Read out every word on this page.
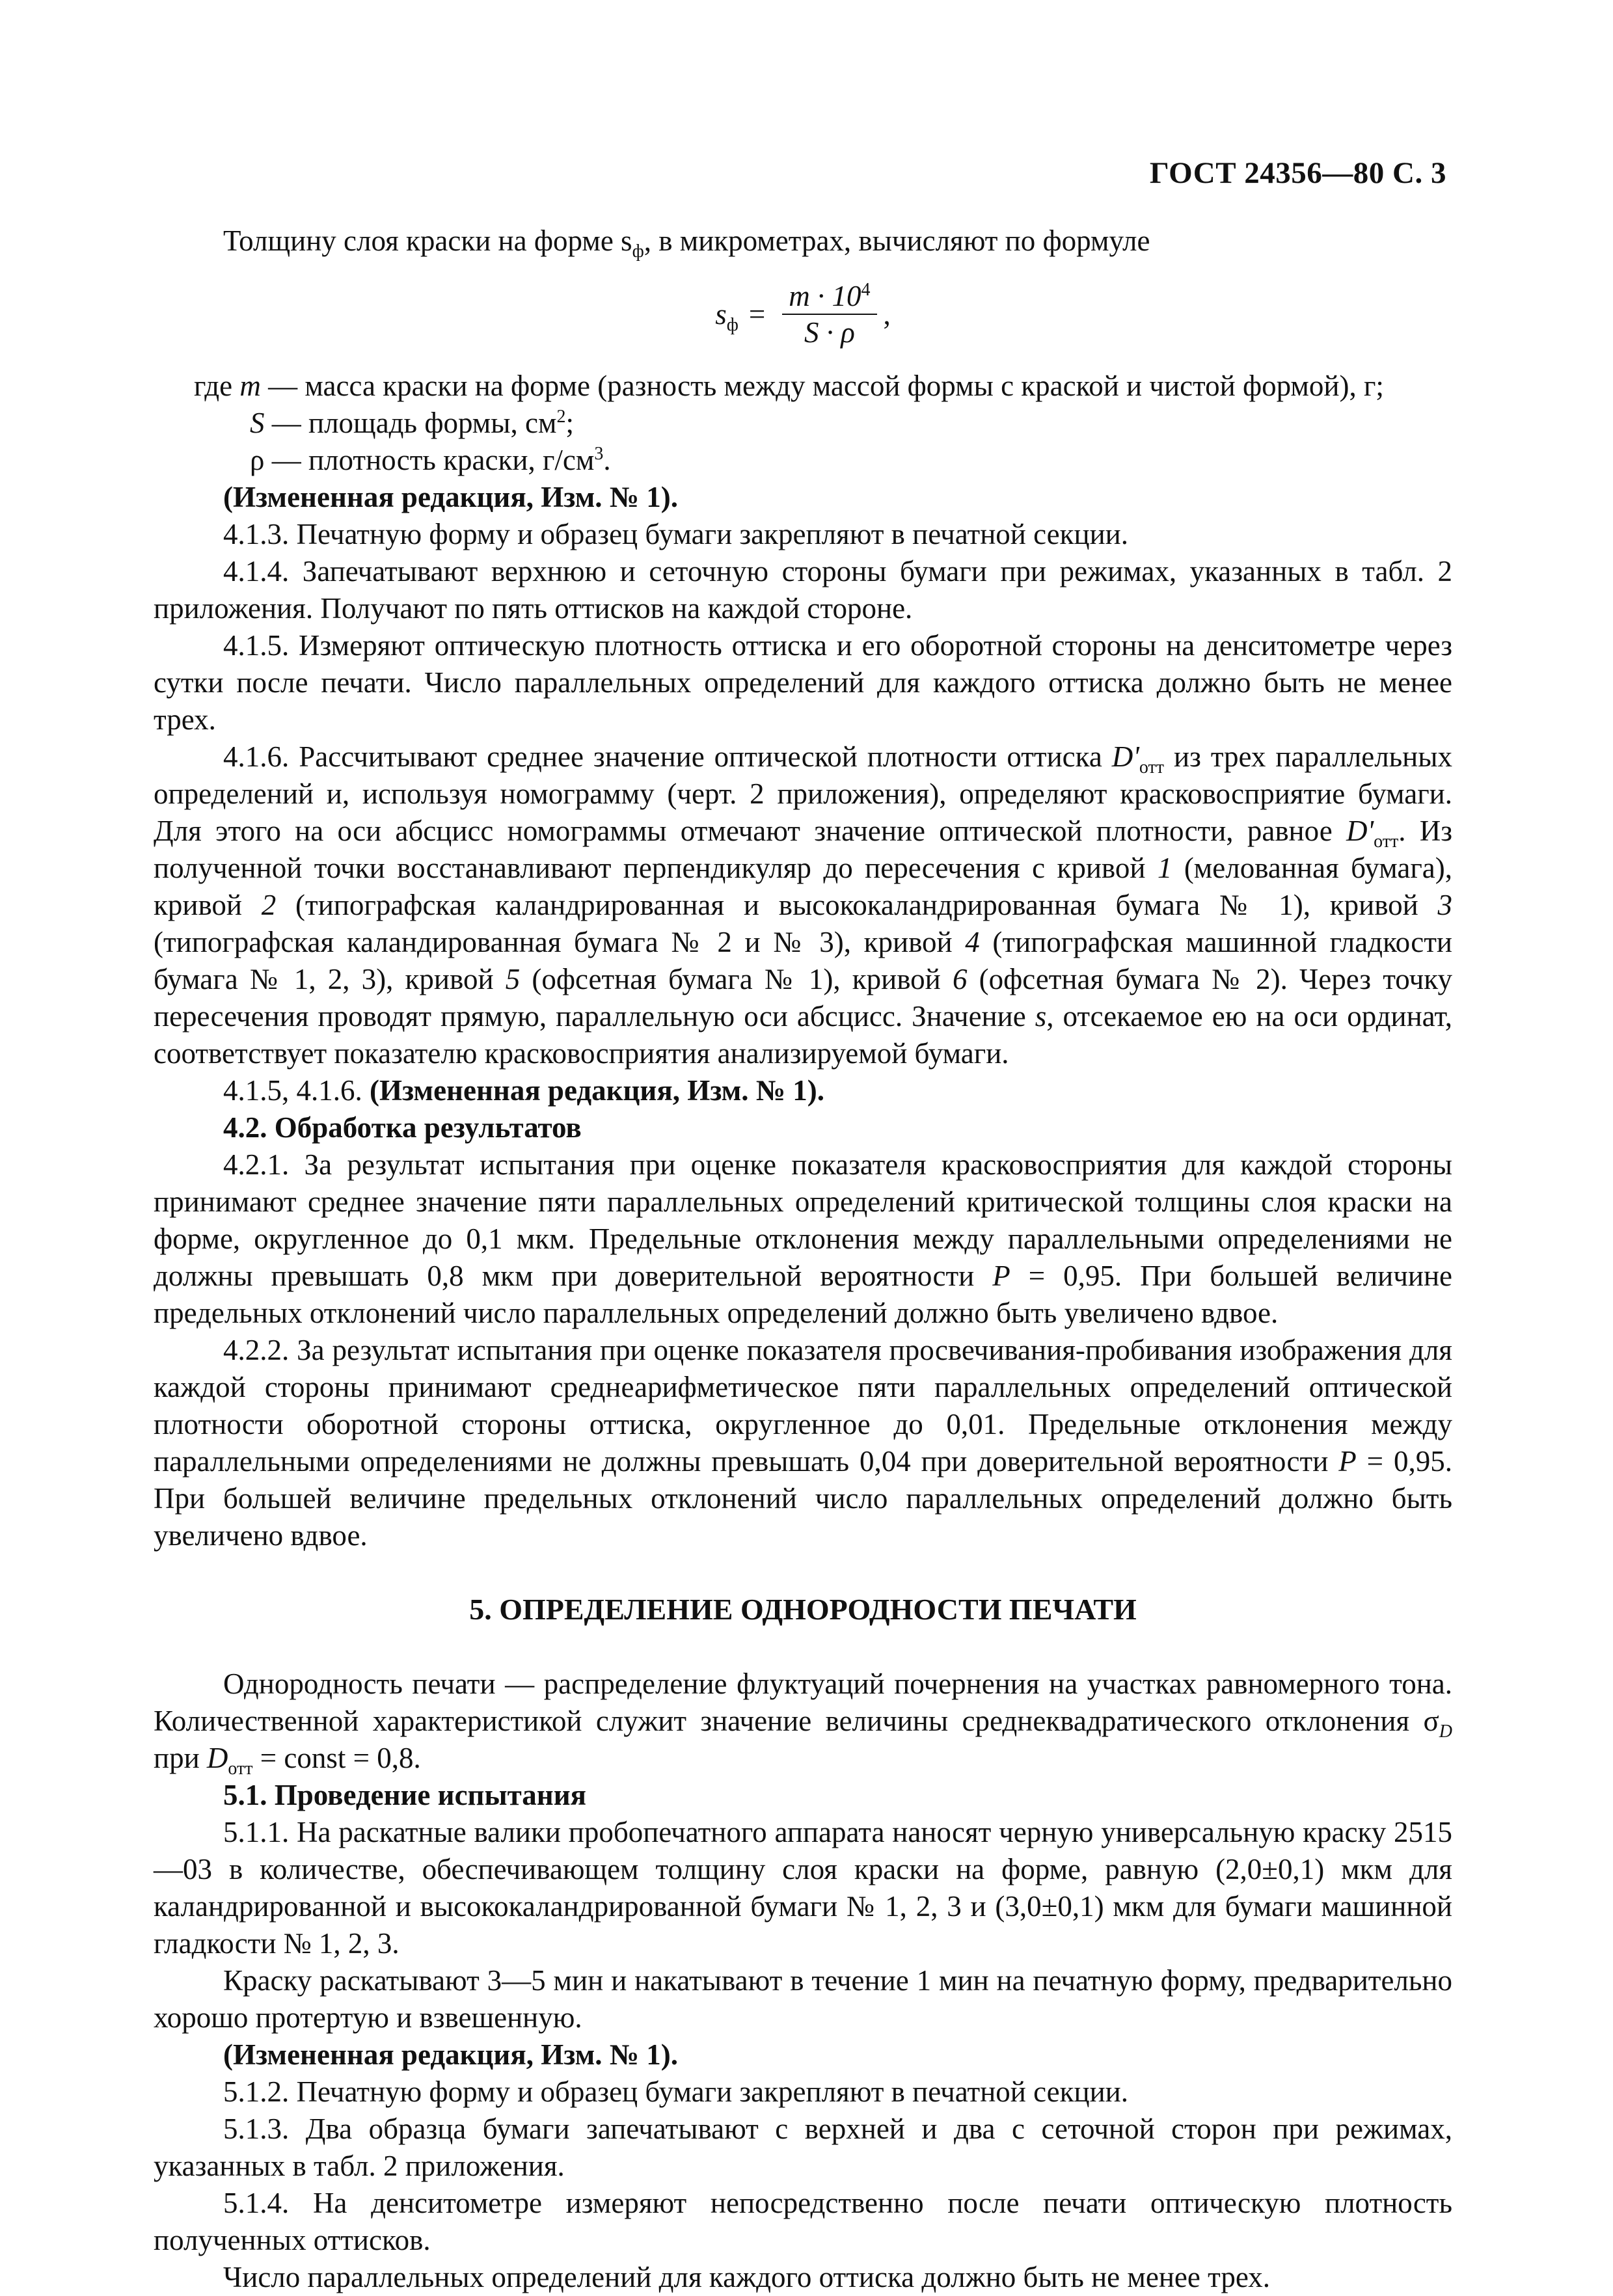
ГОСТ 24356—80 С. 3

Толщину слоя краски на форме $s_ф$, в микрометрах, вычисляют по формуле

$s_ф = \frac{m \cdot 10^4}{S \cdot \rho}$ ,

где m — масса краски на форме (разность между массой формы с краской и чистой формой), г;

S — площадь формы, $см^2$;

ρ — плотность краски, $г/см^3$.

(Измененная редакция, Изм. № 1).

4.1.3. Печатную форму и образец бумаги закрепляют в печатной секции.

4.1.4. Запечатывают верхнюю и сеточную стороны бумаги при режимах, указанных в табл. 2 приложения. Получают по пять оттисков на каждой стороне.

4.1.5. Измеряют оптическую плотность оттиска и его оборотной стороны на денситометре через сутки после печати. Число параллельных определений для каждого оттиска должно быть не менее трех.

4.1.6. Рассчитывают среднее значение оптической плотности оттиска $D'_{отт}$ из трех параллельных определений и, используя номограмму (черт. 2 приложения), определяют красковосприятие бумаги. Для этого на оси абсцисс номограммы отмечают значение оптической плотности, равное $D'_{отт}$. Из полученной точки восстанавливают перпендикуляр до пересечения с кривой 1 (мелованная бумага), кривой 2 (типографская каландрированная и высококаландрированная бумага № 1), кривой 3 (типографская каландированная бумага № 2 и № 3), кривой 4 (типографская машинной гладкости бумага № 1, 2, 3), кривой 5 (офсетная бумага № 1), кривой 6 (офсетная бумага № 2). Через точку пересечения проводят прямую, параллельную оси абсцисс. Значение s, отсекаемое ею на оси ординат, соответствует показателю красковосприятия анализируемой бумаги.

4.1.5, 4.1.6. (Измененная редакция, Изм. № 1).

4.2. Обработка результатов

4.2.1. За результат испытания при оценке показателя красковосприятия для каждой стороны принимают среднее значение пяти параллельных определений критической толщины слоя краски на форме, округленное до 0,1 мкм. Предельные отклонения между параллельными определениями не должны превышать 0,8 мкм при доверительной вероятности P = 0,95. При большей величине предельных отклонений число параллельных определений должно быть увеличено вдвое.

4.2.2. За результат испытания при оценке показателя просвечивания-пробивания изображения для каждой стороны принимают среднеарифметическое пяти параллельных определений оптической плотности оборотной стороны оттиска, округленное до 0,01. Предельные отклонения между параллельными определениями не должны превышать 0,04 при доверительной вероятности P = 0,95. При большей величине предельных отклонений число параллельных определений должно быть увеличено вдвое.

5. ОПРЕДЕЛЕНИЕ ОДНОРОДНОСТИ ПЕЧАТИ

Однородность печати — распределение флуктуаций почернения на участках равномерного тона. Количественной характеристикой служит значение величины среднеквадратического отклонения $\sigma_D$ при $D_{отт}$ = const = 0,8.

5.1. Проведение испытания

5.1.1. На раскатные валики пробопечатного аппарата наносят черную универсальную краску 2515—03 в количестве, обеспечивающем толщину слоя краски на форме, равную (2,0±0,1) мкм для каландрированной и высококаландрированной бумаги № 1, 2, 3 и (3,0±0,1) мкм для бумаги машинной гладкости № 1, 2, 3.

Краску раскатывают 3—5 мин и накатывают в течение 1 мин на печатную форму, предварительно хорошо протертую и взвешенную.

(Измененная редакция, Изм. № 1).

5.1.2. Печатную форму и образец бумаги закрепляют в печатной секции.

5.1.3. Два образца бумаги запечатывают с верхней и два с сеточной сторон при режимах, указанных в табл. 2 приложения.

5.1.4. На денситометре измеряют непосредственно после печати оптическую плотность полученных оттисков.

Число параллельных определений для каждого оттиска должно быть не менее трех.
